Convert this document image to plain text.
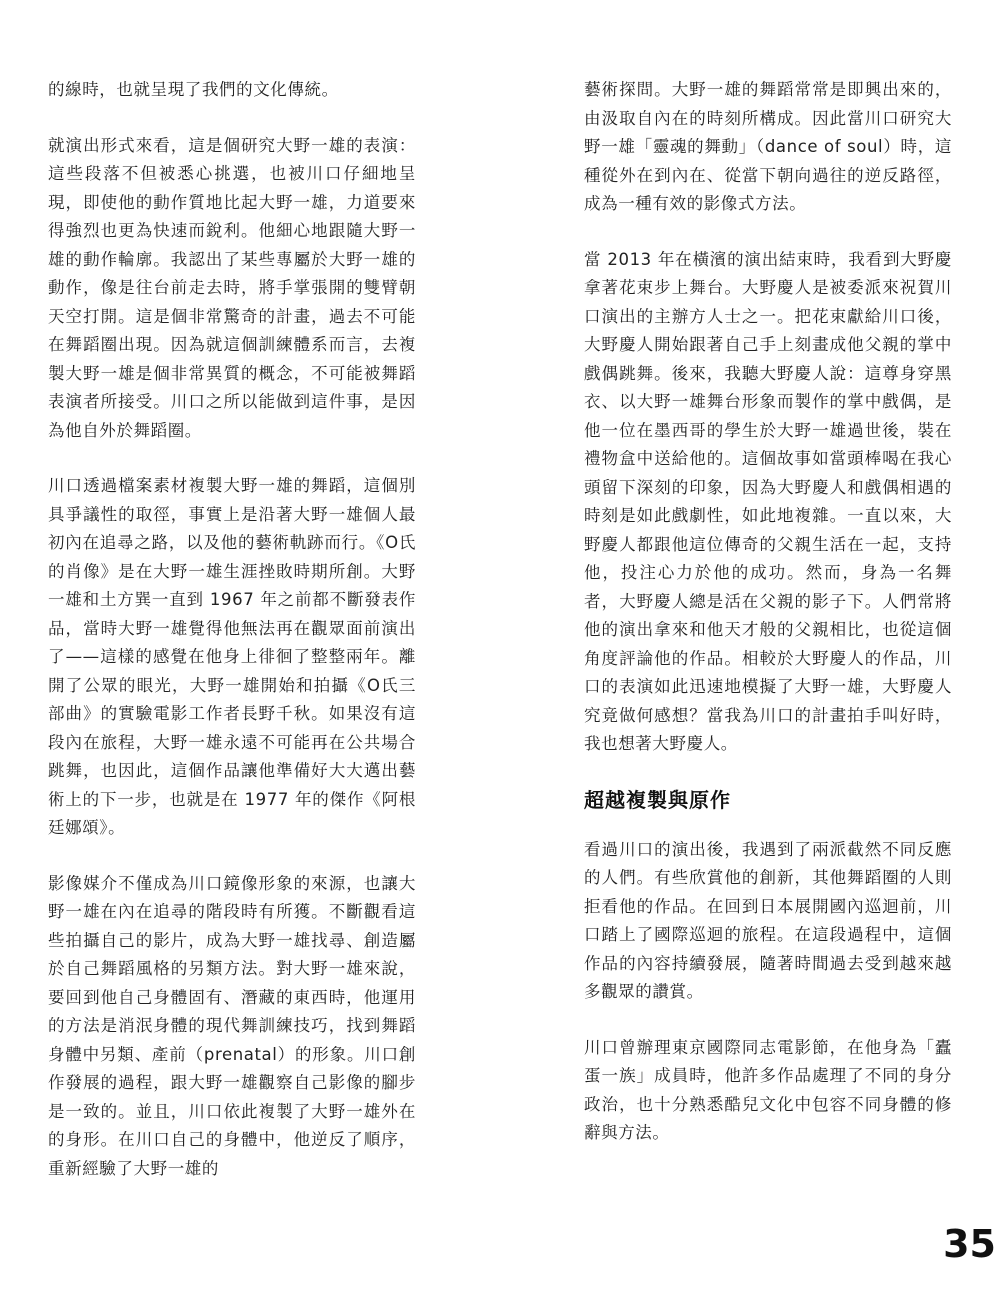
的線時，也就呈現了我們的文化傳統。

就演出形式來看，這是個研究大野一雄的表演：這些段落不但被悉心挑選，也被川口仔細地呈現，即使他的動作質地比起大野一雄，力道要來得強烈也更為快速而銳利。他細心地跟隨大野一雄的動作輪廓。我認出了某些專屬於大野一雄的動作，像是往台前走去時，將手掌張開的雙臂朝天空打開。這是個非常驚奇的計畫，過去不可能在舞蹈圈出現。因為就這個訓練體系而言，去複製大野一雄是個非常異質的概念，不可能被舞蹈表演者所接受。川口之所以能做到這件事，是因為他自外於舞蹈圈。

川口透過檔案素材複製大野一雄的舞蹈，這個別具爭議性的取徑，事實上是沿著大野一雄個人最初內在追尋之路，以及他的藝術軌跡而行。《O氏的肖像》是在大野一雄生涯挫敗時期所創。大野一雄和土方巽一直到 1967 年之前都不斷發表作品，當時大野一雄覺得他無法再在觀眾面前演出了——這樣的感覺在他身上徘徊了整整兩年。離開了公眾的眼光，大野一雄開始和拍攝《O氏三部曲》的實驗電影工作者長野千秋。如果沒有這段內在旅程，大野一雄永遠不可能再在公共場合跳舞，也因此，這個作品讓他準備好大大邁出藝術上的下一步，也就是在 1977 年的傑作《阿根廷娜頌》。

影像媒介不僅成為川口鏡像形象的來源，也讓大野一雄在內在追尋的階段時有所獲。不斷觀看這些拍攝自己的影片，成為大野一雄找尋、創造屬於自己舞蹈風格的另類方法。對大野一雄來說，要回到他自己身體固有、潛藏的東西時，他運用的方法是消泯身體的現代舞訓練技巧，找到舞蹈身體中另類、產前（prenatal）的形象。川口創作發展的過程，跟大野一雄觀察自己影像的腳步是一致的。並且，川口依此複製了大野一雄外在的身形。在川口自己的身體中，他逆反了順序，重新經驗了大野一雄的

藝術探問。大野一雄的舞蹈常常是即興出來的，由汲取自內在的時刻所構成。因此當川口研究大野一雄「靈魂的舞動」（dance of soul）時，這種從外在到內在、從當下朝向過往的逆反路徑，成為一種有效的影像式方法。

當 2013 年在橫濱的演出結束時，我看到大野慶拿著花束步上舞台。大野慶人是被委派來祝賀川口演出的主辦方人士之一。把花束獻給川口後，大野慶人開始跟著自己手上刻畫成他父親的掌中戲偶跳舞。後來，我聽大野慶人說：這尊身穿黑衣、以大野一雄舞台形象而製作的掌中戲偶，是他一位在墨西哥的學生於大野一雄過世後，裝在禮物盒中送給他的。這個故事如當頭棒喝在我心頭留下深刻的印象，因為大野慶人和戲偶相遇的時刻是如此戲劇性，如此地複雜。一直以來，大野慶人都跟他這位傳奇的父親生活在一起，支持他，投注心力於他的成功。然而，身為一名舞者，大野慶人總是活在父親的影子下。人們常將他的演出拿來和他天才般的父親相比，也從這個角度評論他的作品。相較於大野慶人的作品，川口的表演如此迅速地模擬了大野一雄，大野慶人究竟做何感想？當我為川口的計畫拍手叫好時，我也想著大野慶人。

超越複製與原作

看過川口的演出後，我遇到了兩派截然不同反應的人們。有些欣賞他的創新，其他舞蹈圈的人則拒看他的作品。在回到日本展開國內巡迴前，川口踏上了國際巡迴的旅程。在這段過程中，這個作品的內容持續發展，隨著時間過去受到越來越多觀眾的讚賞。

川口曾辦理東京國際同志電影節，在他身為「蠹蛋一族」成員時，他許多作品處理了不同的身分政治，也十分熟悉酷兒文化中包容不同身體的修辭與方法。

35
